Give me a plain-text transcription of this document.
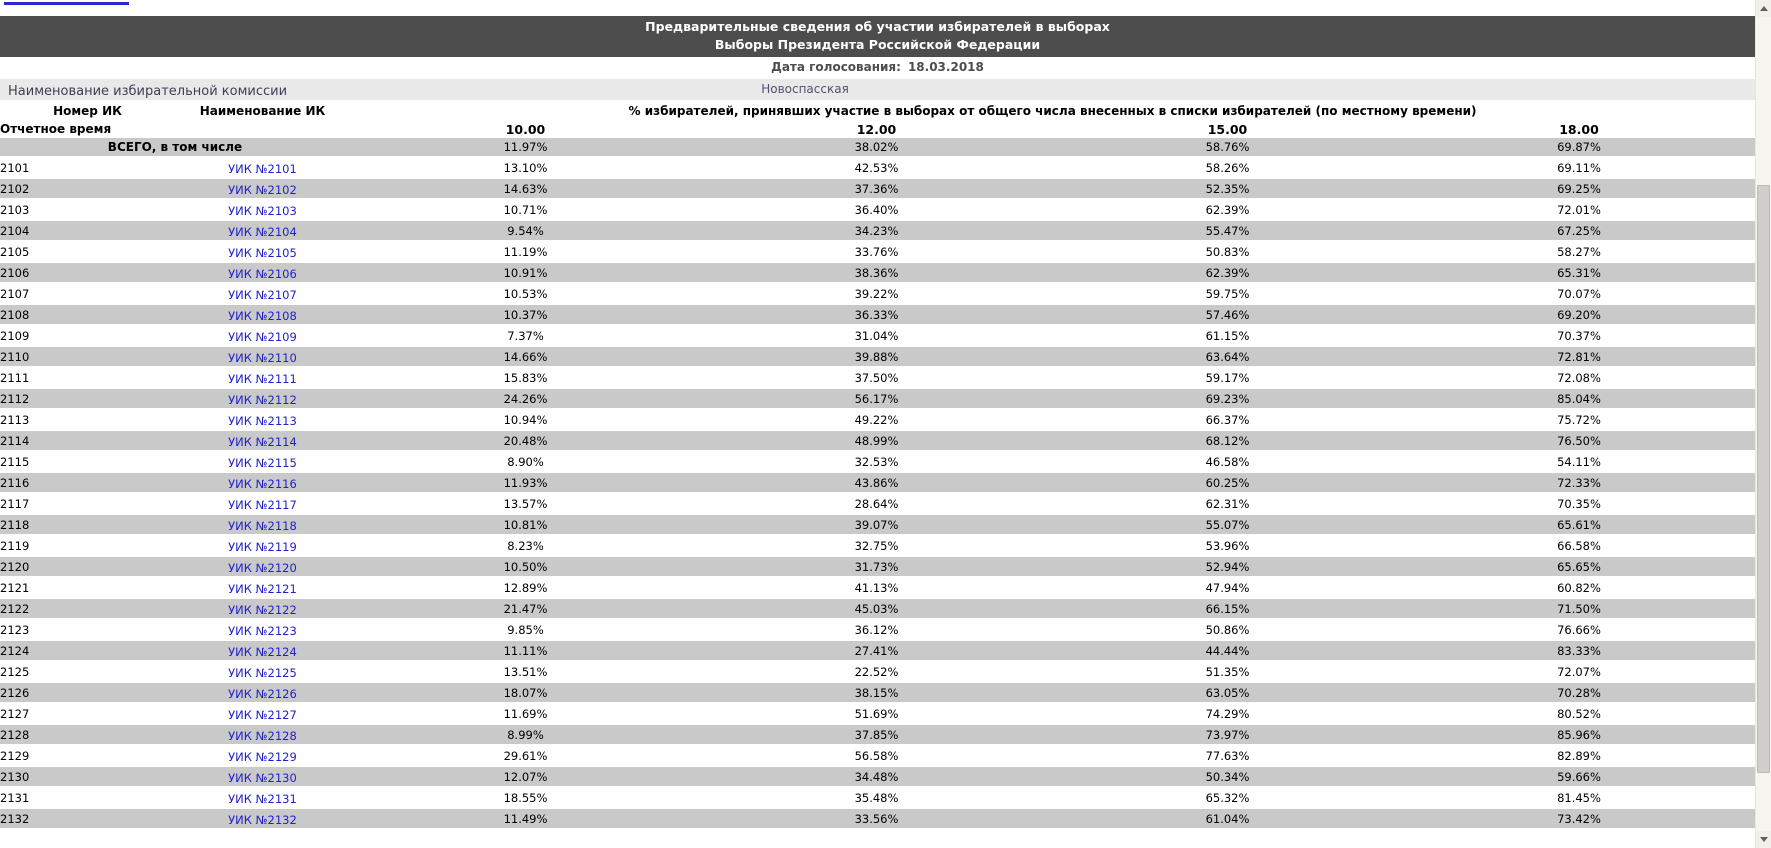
Предварительные сведения об участии избирателей в выборах
Выборы Президента Российской Федерации
Дата голосования: 18.03.2018
Наименование избирательной комиссии	Новоспасская
Номер ИК	Наименование ИК	% избирателей, принявших участие в выборах от общего числа внесенных в списки избирателей (по местному времени)			
Отчетное время		10.00	12.00	15.00	18.00
ВСЕГО, в том числе		11.97%	38.02%	58.76%	69.87%
2101	УИК №2101	13.10%	42.53%	58.26%	69.11%
2102	УИК №2102	14.63%	37.36%	52.35%	69.25%
2103	УИК №2103	10.71%	36.40%	62.39%	72.01%
2104	УИК №2104	9.54%	34.23%	55.47%	67.25%
2105	УИК №2105	11.19%	33.76%	50.83%	58.27%
2106	УИК №2106	10.91%	38.36%	62.39%	65.31%
2107	УИК №2107	10.53%	39.22%	59.75%	70.07%
2108	УИК №2108	10.37%	36.33%	57.46%	69.20%
2109	УИК №2109	7.37%	31.04%	61.15%	70.37%
2110	УИК №2110	14.66%	39.88%	63.64%	72.81%
2111	УИК №2111	15.83%	37.50%	59.17%	72.08%
2112	УИК №2112	24.26%	56.17%	69.23%	85.04%
2113	УИК №2113	10.94%	49.22%	66.37%	75.72%
2114	УИК №2114	20.48%	48.99%	68.12%	76.50%
2115	УИК №2115	8.90%	32.53%	46.58%	54.11%
2116	УИК №2116	11.93%	43.86%	60.25%	72.33%
2117	УИК №2117	13.57%	28.64%	62.31%	70.35%
2118	УИК №2118	10.81%	39.07%	55.07%	65.61%
2119	УИК №2119	8.23%	32.75%	53.96%	66.58%
2120	УИК №2120	10.50%	31.73%	52.94%	65.65%
2121	УИК №2121	12.89%	41.13%	47.94%	60.82%
2122	УИК №2122	21.47%	45.03%	66.15%	71.50%
2123	УИК №2123	9.85%	36.12%	50.86%	76.66%
2124	УИК №2124	11.11%	27.41%	44.44%	83.33%
2125	УИК №2125	13.51%	22.52%	51.35%	72.07%
2126	УИК №2126	18.07%	38.15%	63.05%	70.28%
2127	УИК №2127	11.69%	51.69%	74.29%	80.52%
2128	УИК №2128	8.99%	37.85%	73.97%	85.96%
2129	УИК №2129	29.61%	56.58%	77.63%	82.89%
2130	УИК №2130	12.07%	34.48%	50.34%	59.66%
2131	УИК №2131	18.55%	35.48%	65.32%	81.45%
2132	УИК №2132	11.49%	33.56%	61.04%	73.42%
